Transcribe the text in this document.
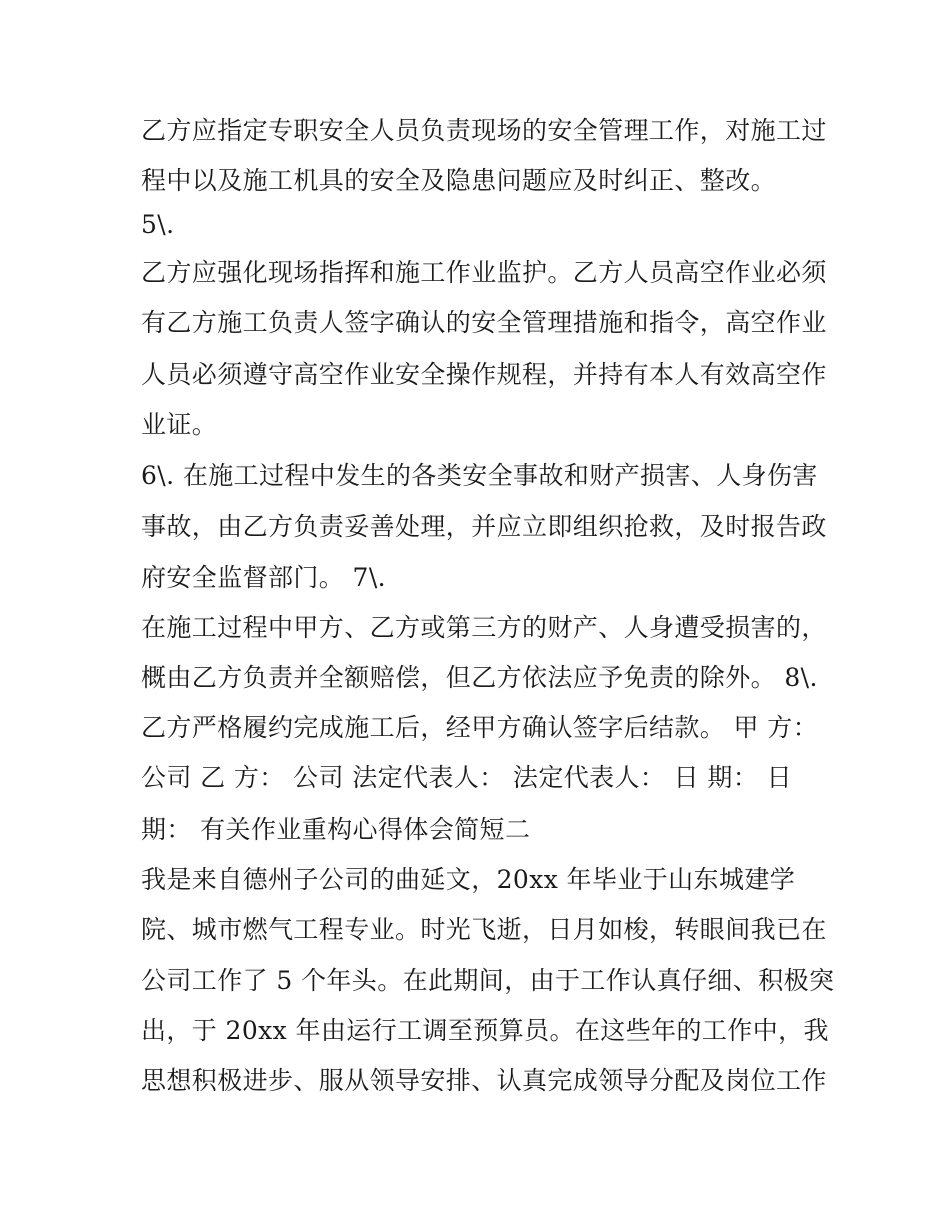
乙方应指定专职安全人员负责现场的安全管理工作，对施工过
程中以及施工机具的安全及隐患问题应及时纠正、整改。
5\.
乙方应强化现场指挥和施工作业监护。乙方人员高空作业必须
有乙方施工负责人签字确认的安全管理措施和指令，高空作业
人员必须遵守高空作业安全操作规程，并持有本人有效高空作
业证。
6\. 在施工过程中发生的各类安全事故和财产损害、人身伤害
事故，由乙方负责妥善处理，并应立即组织抢救，及时报告政
府安全监督部门。 7\.
在施工过程中甲方、乙方或第三方的财产、人身遭受损害的，
概由乙方负责并全额赔偿，但乙方依法应予免责的除外。 8\.
乙方严格履约完成施工后，经甲方确认签字后结款。 甲 方：
公司 乙 方： 公司 法定代表人： 法定代表人： 日 期： 日
期： 有关作业重构心得体会简短二
我是来自德州子公司的曲延文，20xx 年毕业于山东城建学
院、城市燃气工程专业。时光飞逝，日月如梭，转眼间我已在
公司工作了 5 个年头。在此期间，由于工作认真仔细、积极突
出，于 20xx 年由运行工调至预算员。在这些年的工作中，我
思想积极进步、服从领导安排、认真完成领导分配及岗位工作
